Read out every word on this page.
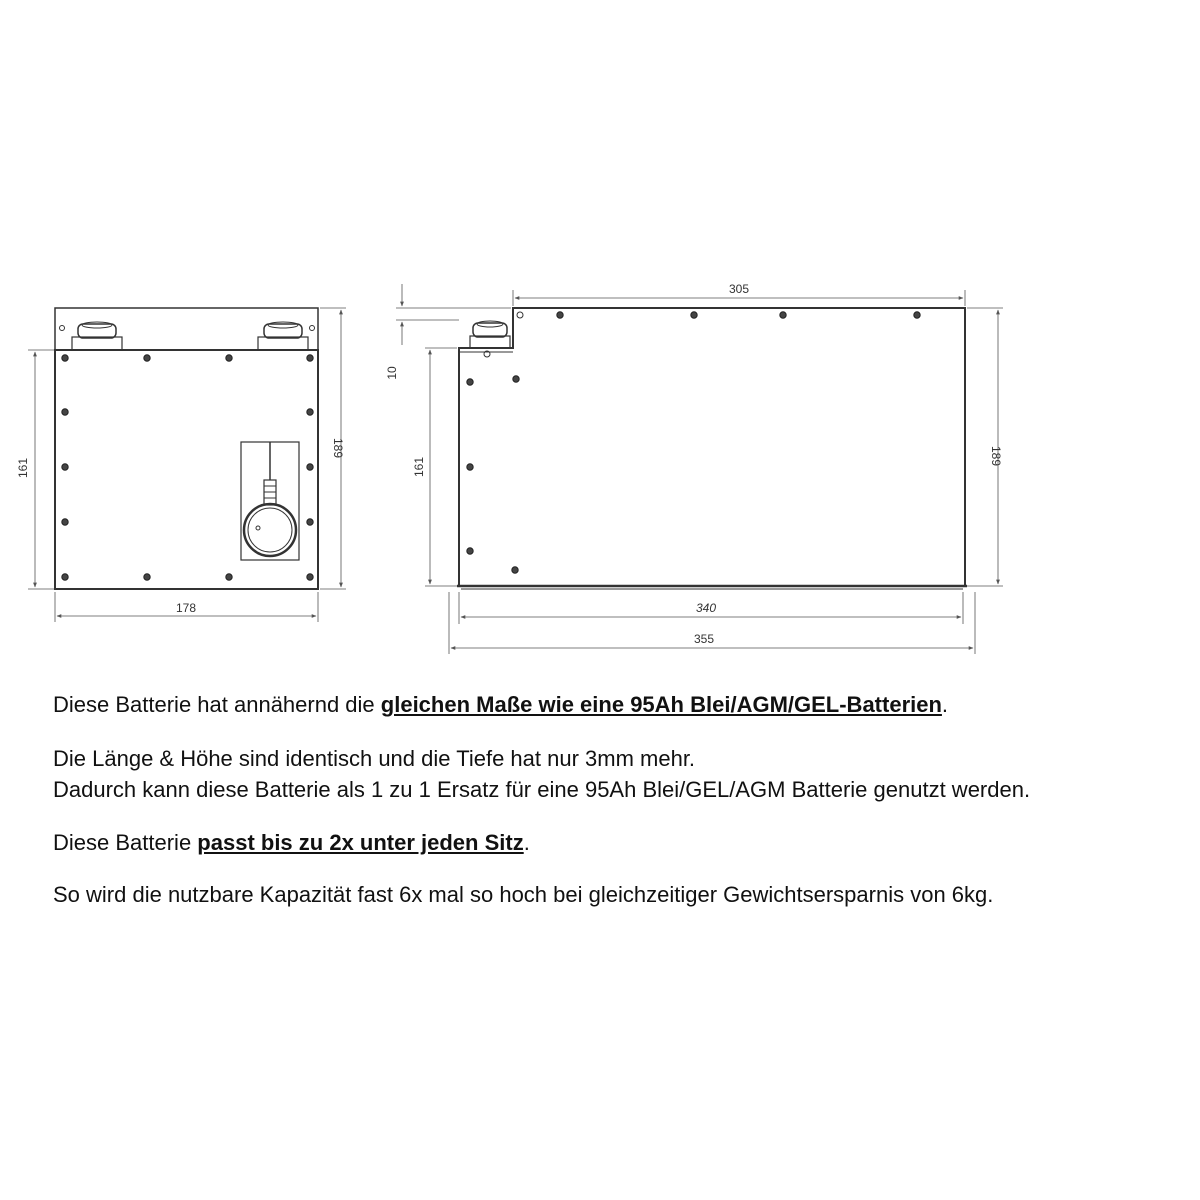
178
161
189
305
10
161
189
340
355
Diese Batterie hat annähernd die gleichen Maße wie eine 95Ah Blei/AGM/GEL-Batterien.
Die Länge & Höhe sind identisch und die Tiefe hat nur 3mm mehr.
Dadurch kann diese Batterie als 1 zu 1 Ersatz für eine 95Ah Blei/GEL/AGM Batterie genutzt werden.
Diese Batterie passt bis zu 2x unter jeden Sitz.
So wird die nutzbare Kapazität fast 6x mal so hoch bei gleichzeitiger Gewichtsersparnis von 6kg.
